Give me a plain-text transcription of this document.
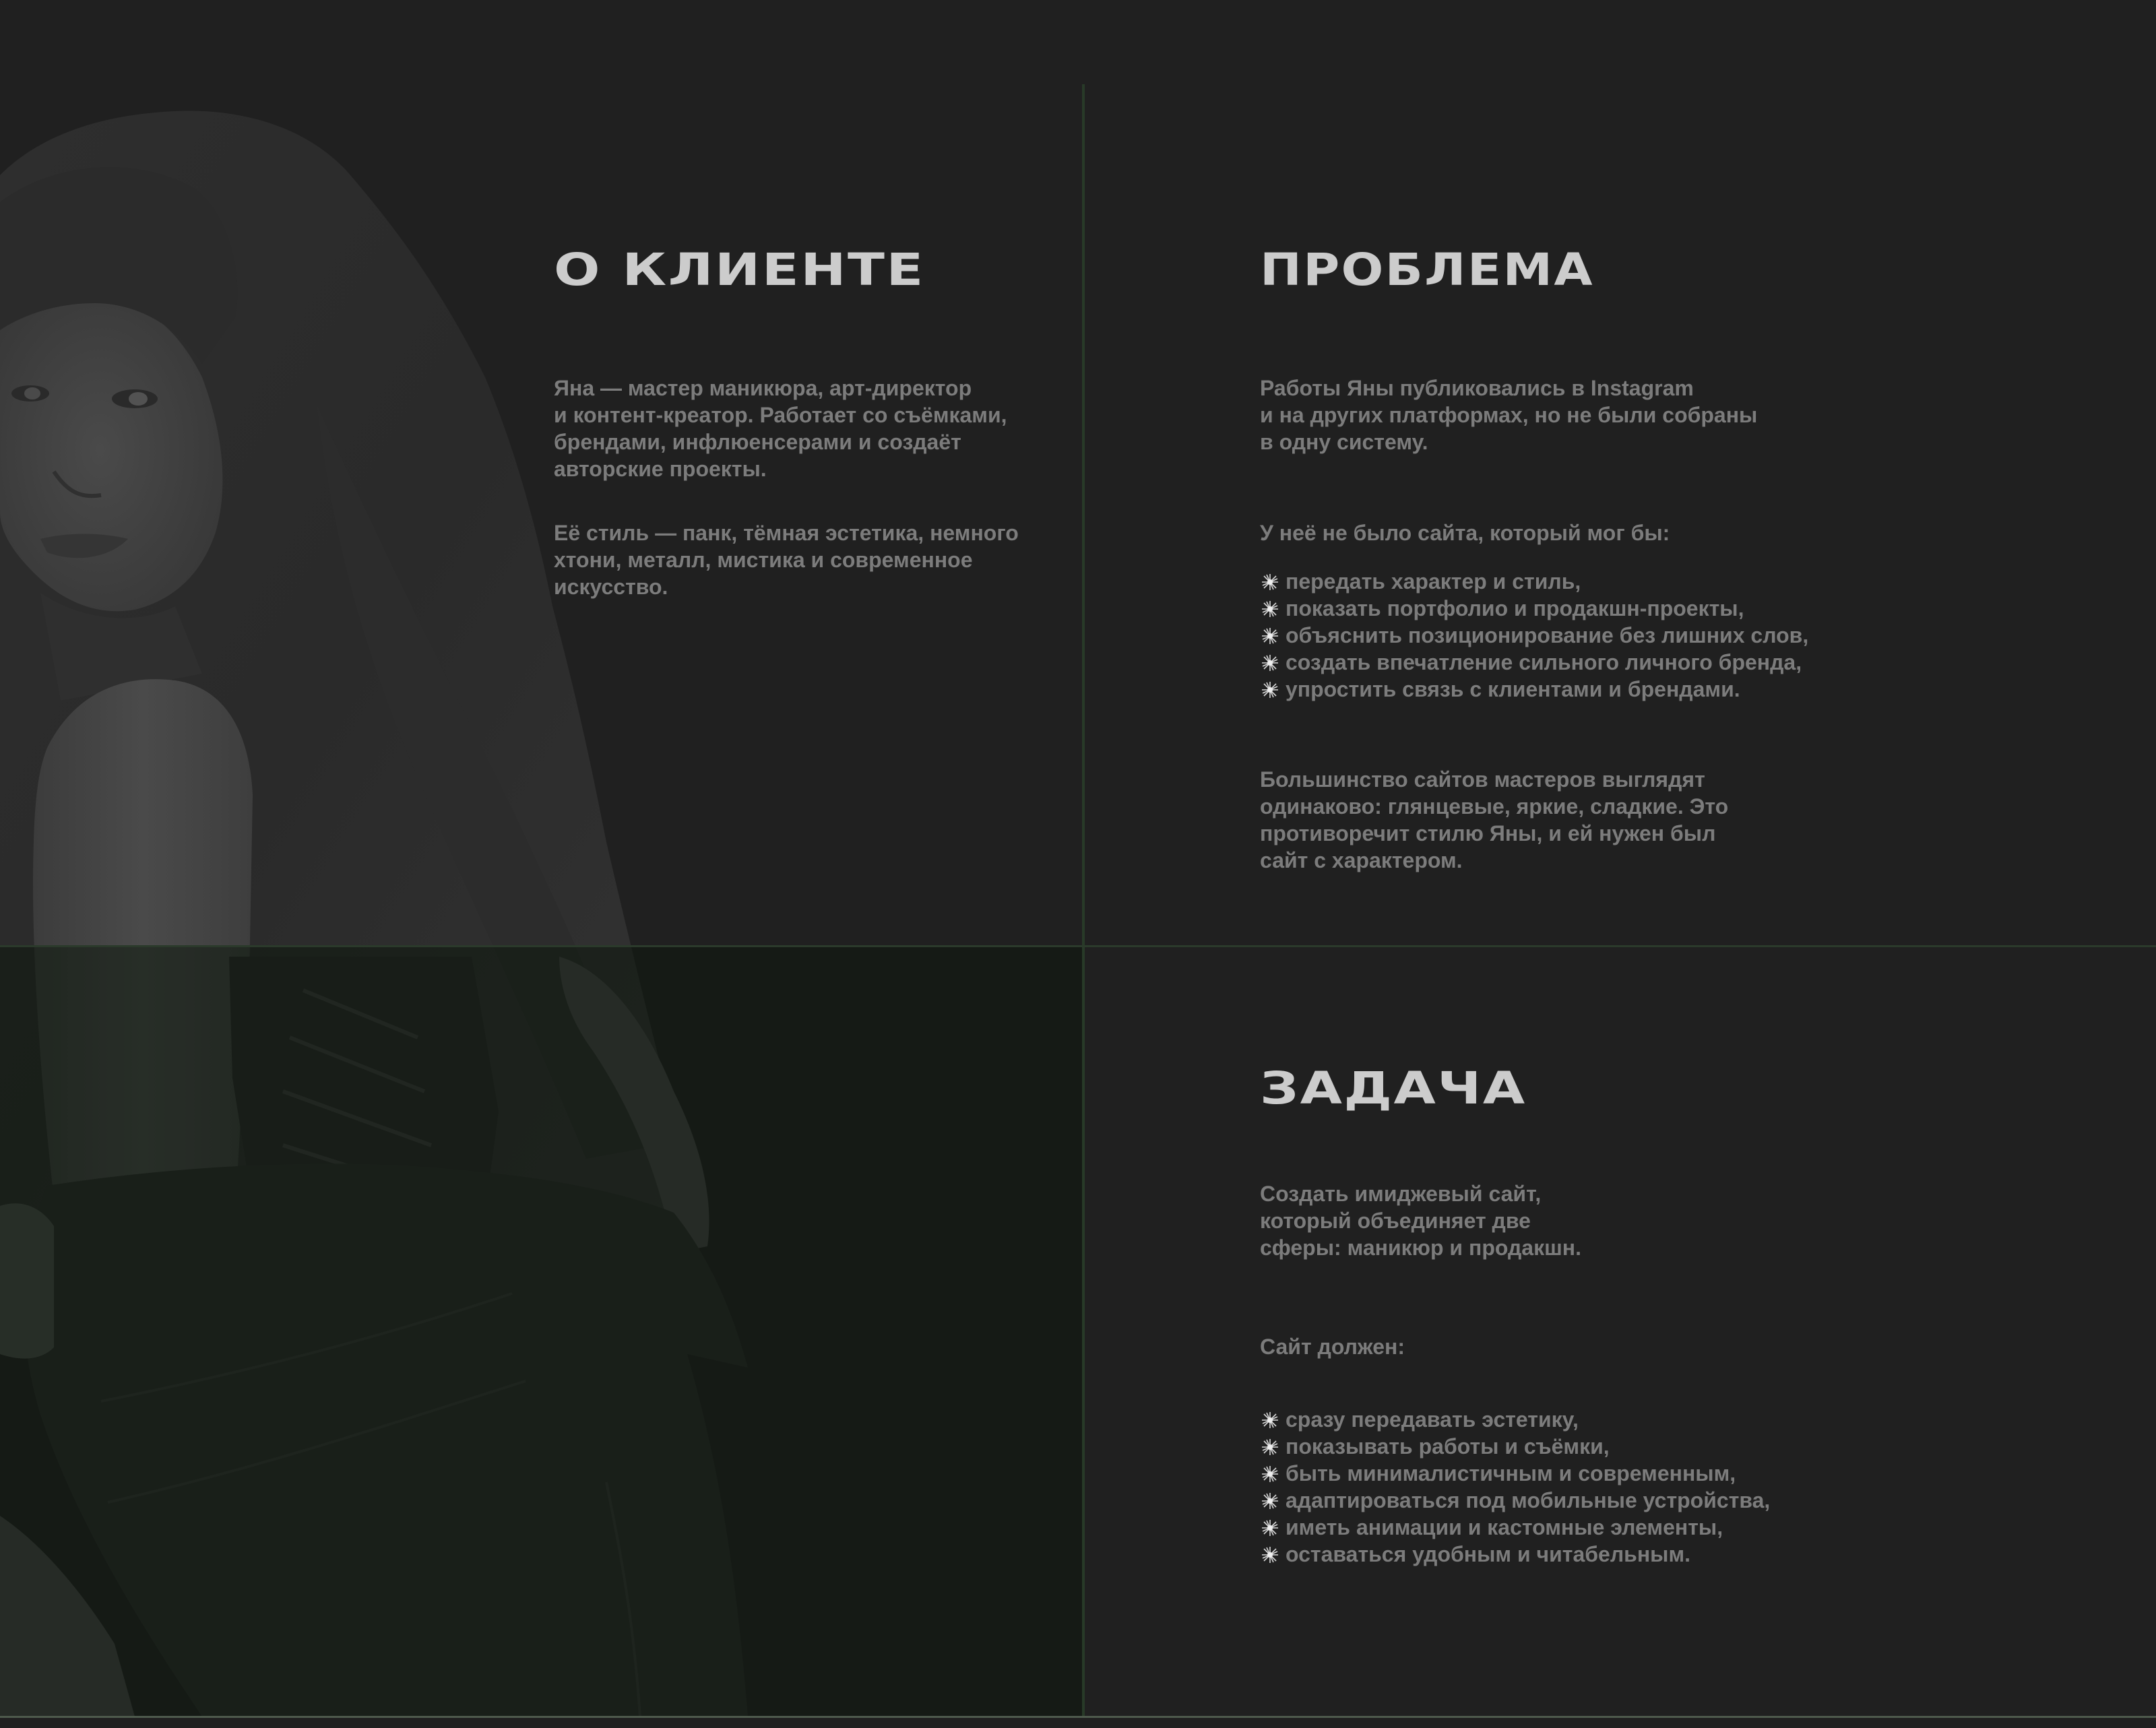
О КЛИЕНТЕ

Яна — мастер маникюра, арт-директор
и контент-креатор. Работает со съёмками,
брендами, инфлюенсерами и создаёт
авторские проекты.

Её стиль — панк, тёмная эстетика, немного
хтони, металл, мистика и современное
искусство.

ПРОБЛЕМА

Работы Яны публиковались в Instagram
и на других платформах, но не были собраны
в одну систему.

У неё не было сайта, который мог бы:

передать характер и стиль,
показать портфолио и продакшн-проекты,
объяснить позиционирование без лишних слов,
создать впечатление сильного личного бренда,
упростить связь с клиентами и брендами.

Большинство сайтов мастеров выглядят
одинаково: глянцевые, яркие, сладкие. Это
противоречит стилю Яны, и ей нужен был
сайт с характером.

ЗАДАЧА

Создать имиджевый сайт,
который объединяет две
сферы: маникюр и продакшн.

Сайт должен:

сразу передавать эстетику,
показывать работы и съёмки,
быть минималистичным и современным,
адаптироваться под мобильные устройства,
иметь анимации и кастомные элементы,
оставаться удобным и читабельным.
